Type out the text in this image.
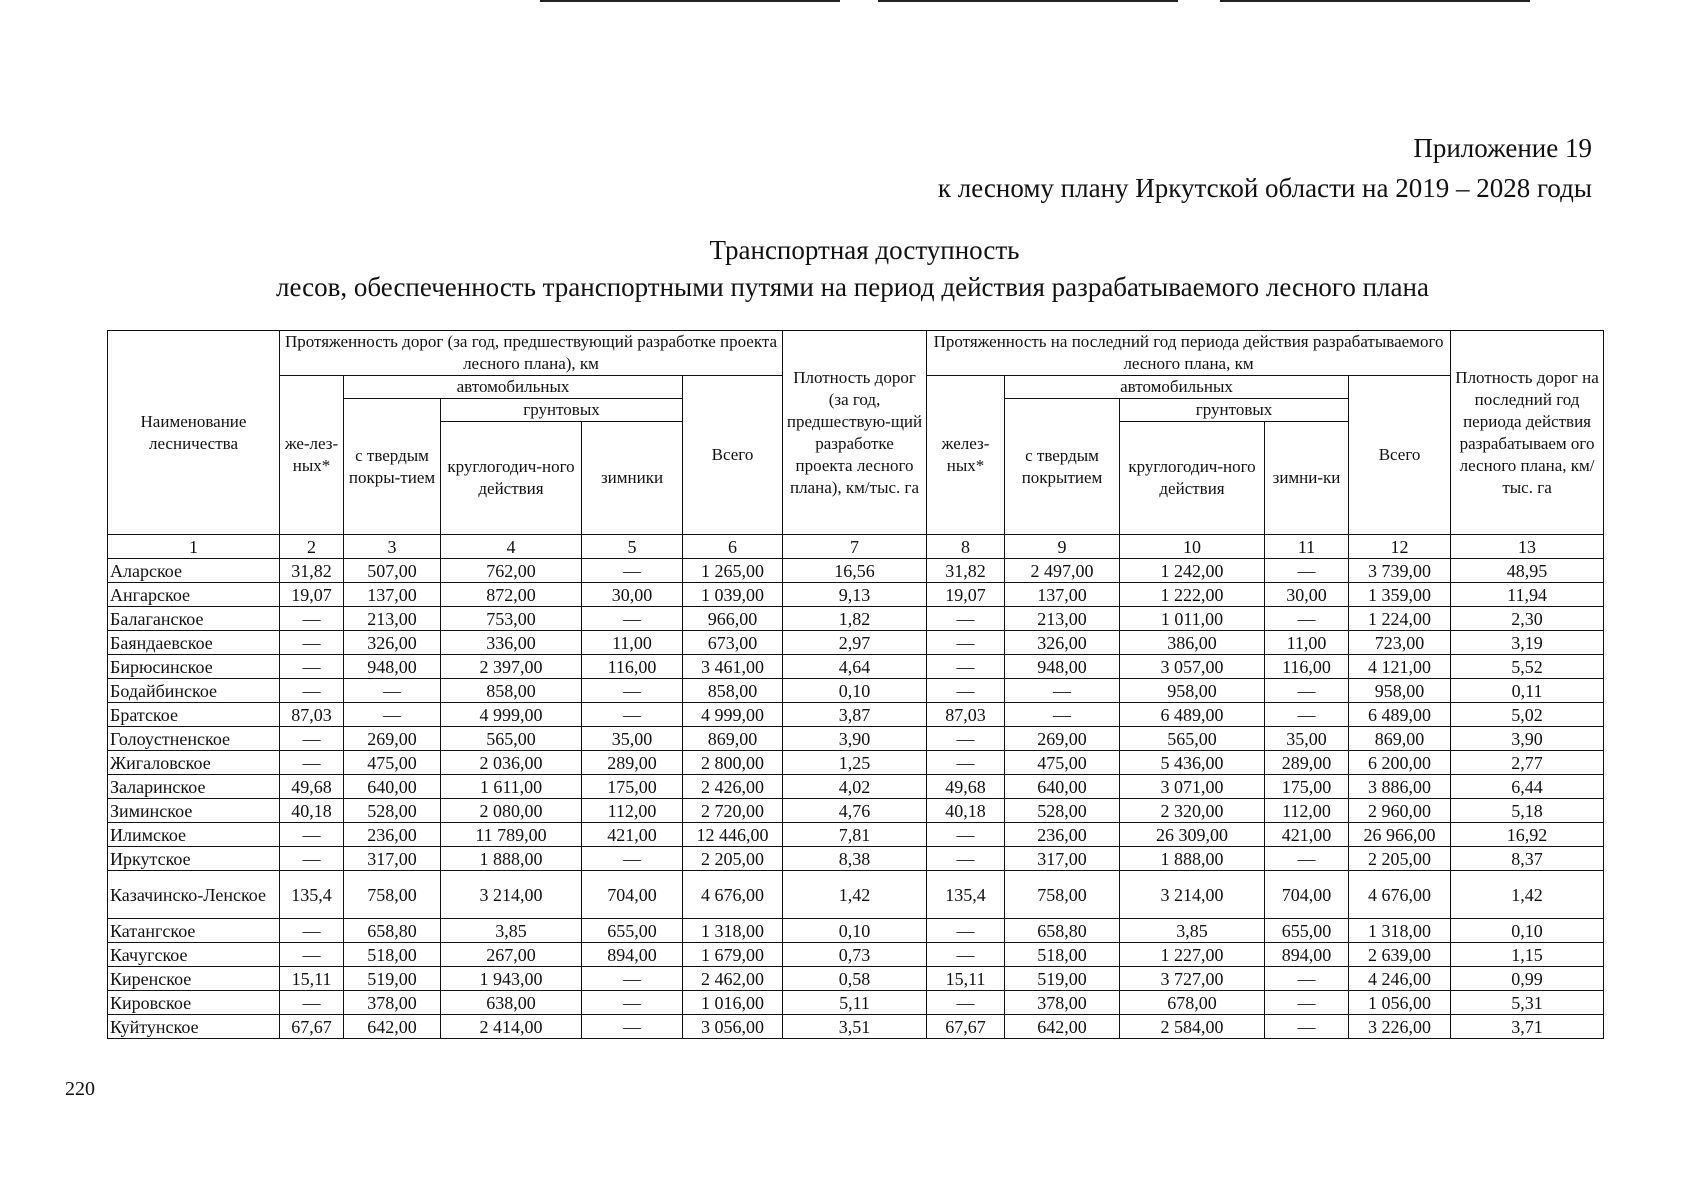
Приложение 19
к лесному плану Иркутской области на 2019 – 2028 годы
Транспортная доступность
лесов, обеспеченность транспортными путями на период действия разрабатываемого лесного плана
Наименование лесничества	Протяженность дорог (за год, предшествующий разработке проекта лесного плана), км					Плотность дорог (за год, предшествую-щий разработке проекта лесного плана), км/тыс. га	Протяженность на последний год периода действия разрабатываемого лесного плана, км					Плотность дорог на последний год периода действия разрабатываем ого лесного плана, км/тыс. га
	же-лез-ных*	автомобильных			Всего		желез-ных*	автомобильных			Всего	
		с твердым покры-тием	грунтовых					с твердым покрытием	грунтовых			
			круглогодич-ного действия	зимники					круглогодич-ного действия	зимни-ки		
1	2	3	4	5	6	7	8	9	10	11	12	13
Аларское	31,82	507,00	762,00	—	1 265,00	16,56	31,82	2 497,00	1 242,00	—	3 739,00	48,95
Ангарское	19,07	137,00	872,00	30,00	1 039,00	9,13	19,07	137,00	1 222,00	30,00	1 359,00	11,94
Балаганское	—	213,00	753,00	—	966,00	1,82	—	213,00	1 011,00	—	1 224,00	2,30
Баяндаевское	—	326,00	336,00	11,00	673,00	2,97	—	326,00	386,00	11,00	723,00	3,19
Бирюсинское	—	948,00	2 397,00	116,00	3 461,00	4,64	—	948,00	3 057,00	116,00	4 121,00	5,52
Бодайбинское	—	—	858,00	—	858,00	0,10	—	—	958,00	—	958,00	0,11
Братское	87,03	—	4 999,00	—	4 999,00	3,87	87,03	—	6 489,00	—	6 489,00	5,02
Голоустненское	—	269,00	565,00	35,00	869,00	3,90	—	269,00	565,00	35,00	869,00	3,90
Жигаловское	—	475,00	2 036,00	289,00	2 800,00	1,25	—	475,00	5 436,00	289,00	6 200,00	2,77
Заларинское	49,68	640,00	1 611,00	175,00	2 426,00	4,02	49,68	640,00	3 071,00	175,00	3 886,00	6,44
Зиминское	40,18	528,00	2 080,00	112,00	2 720,00	4,76	40,18	528,00	2 320,00	112,00	2 960,00	5,18
Илимское	—	236,00	11 789,00	421,00	12 446,00	7,81	—	236,00	26 309,00	421,00	26 966,00	16,92
Иркутское	—	317,00	1 888,00	—	2 205,00	8,38	—	317,00	1 888,00	—	2 205,00	8,37
Казачинско-Ленское	135,4	758,00	3 214,00	704,00	4 676,00	1,42	135,4	758,00	3 214,00	704,00	4 676,00	1,42
Катангское	—	658,80	3,85	655,00	1 318,00	0,10	—	658,80	3,85	655,00	1 318,00	0,10
Качугское	—	518,00	267,00	894,00	1 679,00	0,73	—	518,00	1 227,00	894,00	2 639,00	1,15
Киренское	15,11	519,00	1 943,00	—	2 462,00	0,58	15,11	519,00	3 727,00	—	4 246,00	0,99
Кировское	—	378,00	638,00	—	1 016,00	5,11	—	378,00	678,00	—	1 056,00	5,31
Куйтунское	67,67	642,00	2 414,00	—	3 056,00	3,51	67,67	642,00	2 584,00	—	3 226,00	3,71
220
